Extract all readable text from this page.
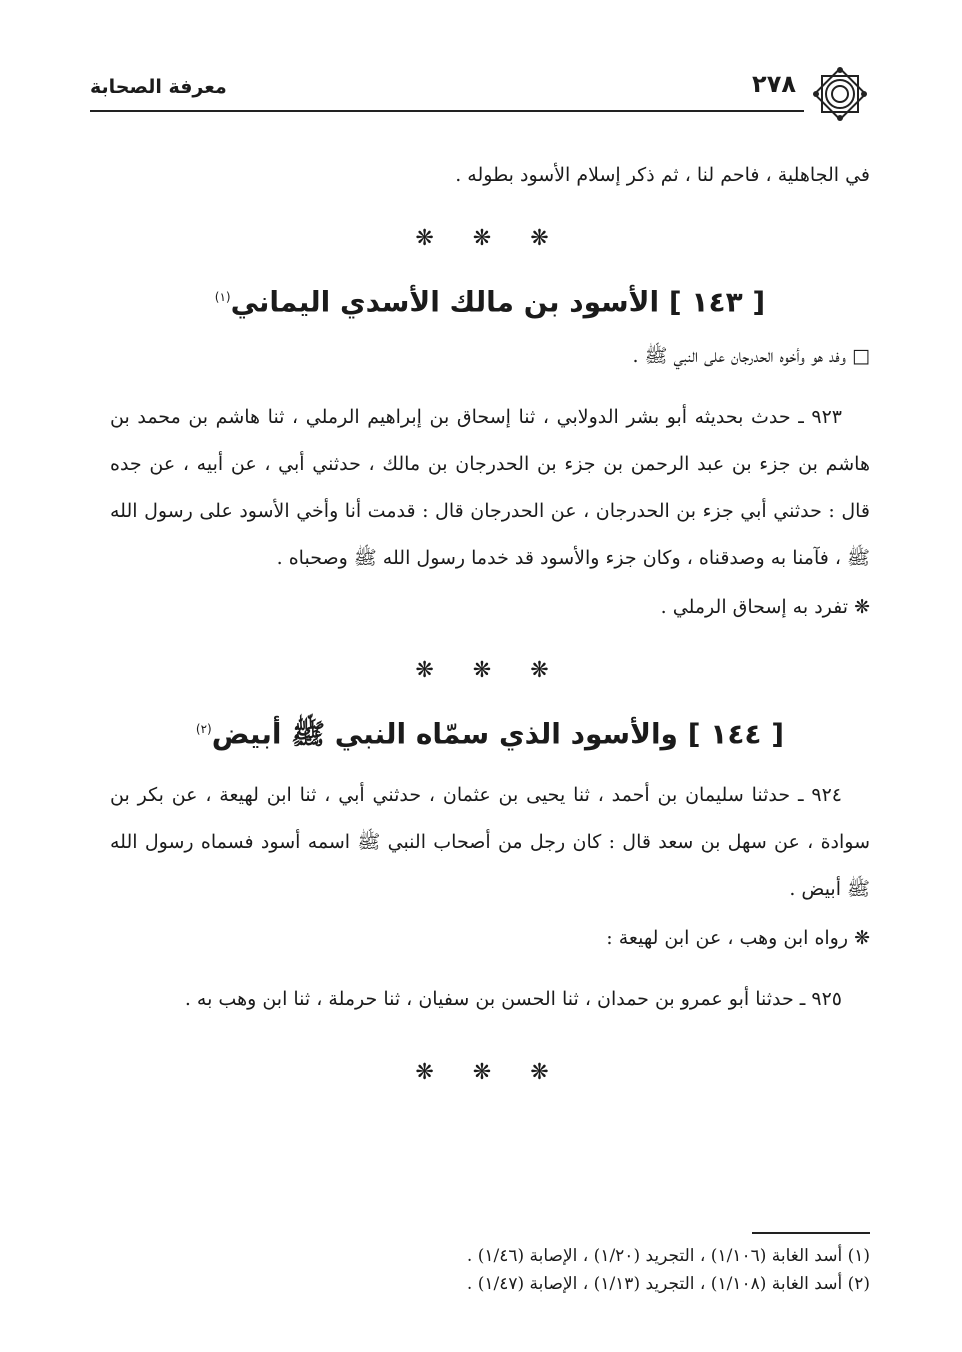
٢٧٨
معرفة الصحابة

في الجاهلية ، فاحم لنا ، ثم ذكر إسلام الأسود بطوله .

❋ ❋ ❋
[ ١٤٣ ] الأسود بن مالك الأسدي اليماني$^{(١)}$

□ وفد هو وأخوه الحدرجان على النبي ﷺ .

٩٢٣ ـ حدث بحديثه أبو بشر الدولابي ، ثنا إسحاق بن إبراهيم الرملي ، ثنا هاشم بن محمد بن هاشم بن جزء بن عبد الرحمن بن جزء بن الحدرجان بن مالك ، حدثني أبي ، عن أبيه ، عن جده قال : حدثني أبي جزء بن الحدرجان ، عن الحدرجان قال : قدمت أنا وأخي الأسود على رسول الله ﷺ ، فآمنا به وصدقناه ، وكان جزء والأسود قد خدما رسول الله ﷺ وصحباه .

❋ تفرد به إسحاق الرملي .

❋ ❋ ❋
[ ١٤٤ ] والأسود الذي سمّاه النبي ﷺ أبيض$^{(٢)}$

٩٢٤ ـ حدثنا سليمان بن أحمد ، ثنا يحيى بن عثمان ، حدثني أبي ، ثنا ابن لهيعة ، عن بكر بن سوادة ، عن سهل بن سعد قال : كان رجل من أصحاب النبي ﷺ اسمه أسود فسماه رسول الله ﷺ أبيض .

❋ رواه ابن وهب ، عن ابن لهيعة :

٩٢٥ ـ حدثنا أبو عمرو بن حمدان ، ثنا الحسن بن سفيان ، ثنا حرملة ، ثنا ابن وهب به .

❋ ❋ ❋
(١) أسد الغابة (١/١٠٦) ، التجريد (١/٢٠) ، الإصابة (١/٤٦) .
(٢) أسد الغابة (١/١٠٨) ، التجريد (١/١٣) ، الإصابة (١/٤٧) .
